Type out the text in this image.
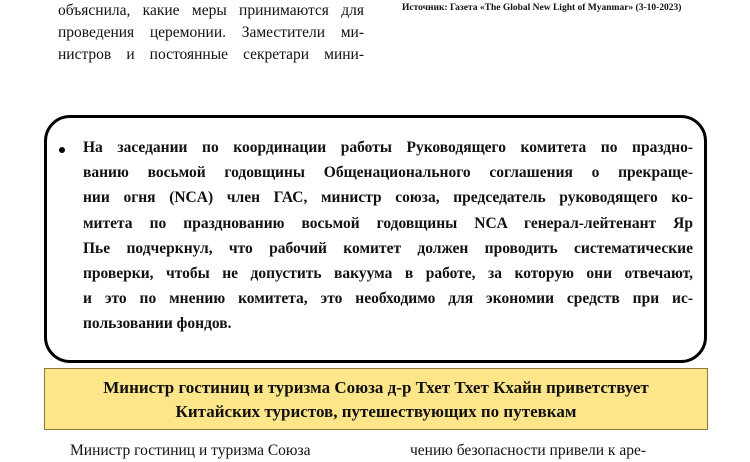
объяснила, какие меры принимаются для
проведения церемонии. Заместители ми-
нистров и постоянные секретари мини-
Источник: Газета «The Global New Light of Myanmar» (3-10-2023)
На заседании по координации работы Руководящего комитета по праздно-
ванию восьмой годовщины Общенационального соглашения о прекраще-
нии огня (NCA) член ГАС, министр союза, председатель руководящего ко-
митета по празднованию восьмой годовщины NCA генерал-лейтенант Яр
Пье подчеркнул, что рабочий комитет должен проводить систематические
проверки, чтобы не допустить вакуума в работе, за которую они отвечают,
и это по мнению комитета, это необходимо для экономии средств при ис-
пользовании фондов.
Министр гостиниц и туризма Союза д-р Тхет Тхет Кхайн приветствует
Китайских туристов, путешествующих по путевкам
Министр гостиниц и туризма Союза	чению безопасности привели к аре-
